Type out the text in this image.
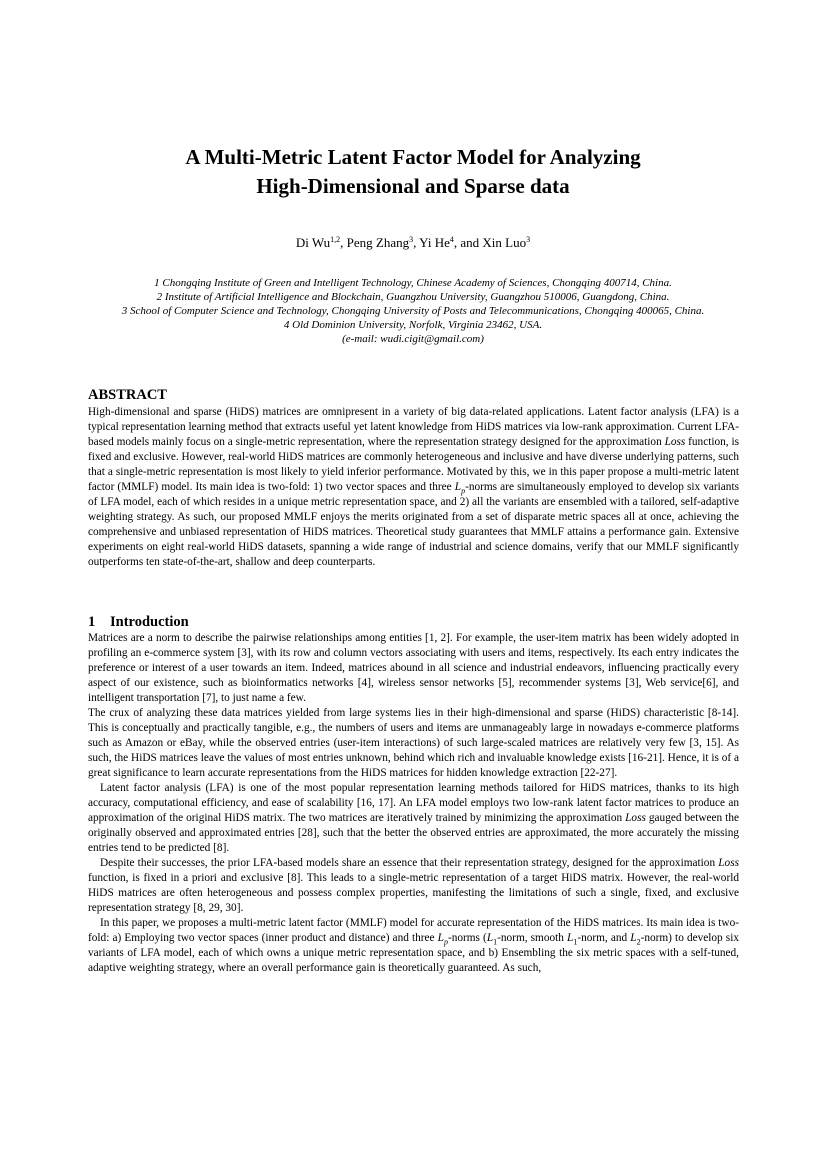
A Multi-Metric Latent Factor Model for Analyzing
High-Dimensional and Sparse data
Di Wu$^{1,2}$, Peng Zhang$^3$, Yi He$^4$, and Xin Luo$^3$
1 Chongqing Institute of Green and Intelligent Technology, Chinese Academy of Sciences, Chongqing 400714, China.
2 Institute of Artificial Intelligence and Blockchain, Guangzhou University, Guangzhou 510006, Guangdong, China.
3 School of Computer Science and Technology, Chongqing University of Posts and Telecommunications, Chongqing 400065, China.
4 Old Dominion University, Norfolk, Virginia 23462, USA.
(e-mail: wudi.cigit@gmail.com)
ABSTRACT

High-dimensional and sparse (HiDS) matrices are omnipresent in a variety of big data-related applications. Latent factor analysis (LFA) is a typical representation learning method that extracts useful yet latent knowledge from HiDS matrices via low-rank approximation. Current LFA-based models mainly focus on a single-metric representation, where the representation strategy designed for the approximation Loss function, is fixed and exclusive. However, real-world HiDS matrices are commonly heterogeneous and inclusive and have diverse underlying patterns, such that a single-metric representation is most likely to yield inferior performance. Motivated by this, we in this paper propose a multi-metric latent factor (MMLF) model. Its main idea is two-fold: 1) two vector spaces and three $L_p$-norms are simultaneously employed to develop six variants of LFA model, each of which resides in a unique metric representation space, and 2) all the variants are ensembled with a tailored, self-adaptive weighting strategy. As such, our proposed MMLF enjoys the merits originated from a set of disparate metric spaces all at once, achieving the comprehensive and unbiased representation of HiDS matrices. Theoretical study guarantees that MMLF attains a performance gain. Extensive experiments on eight real-world HiDS datasets, spanning a wide range of industrial and science domains, verify that our MMLF significantly outperforms ten state-of-the-art, shallow and deep counterparts.

1 Introduction

Matrices are a norm to describe the pairwise relationships among entities [1, 2]. For example, the user-item matrix has been widely adopted in profiling an e-commerce system [3], with its row and column vectors associating with users and items, respectively. Its each entry indicates the preference or interest of a user towards an item. Indeed, matrices abound in all science and industrial endeavors, influencing practically every aspect of our existence, such as bioinformatics networks [4], wireless sensor networks [5], recommender systems [3], Web service[6], and intelligent transportation [7], to just name a few.

The crux of analyzing these data matrices yielded from large systems lies in their high-dimensional and sparse (HiDS) characteristic [8-14]. This is conceptually and practically tangible, e.g., the numbers of users and items are unmanageably large in nowadays e-commerce platforms such as Amazon or eBay, while the observed entries (user-item interactions) of such large-scaled matrices are relatively very few [3, 15]. As such, the HiDS matrices leave the values of most entries unknown, behind which rich and invaluable knowledge exists [16-21]. Hence, it is of a great significance to learn accurate representations from the HiDS matrices for hidden knowledge extraction [22-27].

Latent factor analysis (LFA) is one of the most popular representation learning methods tailored for HiDS matrices, thanks to its high accuracy, computational efficiency, and ease of scalability [16, 17]. An LFA model employs two low-rank latent factor matrices to produce an approximation of the original HiDS matrix. The two matrices are iteratively trained by minimizing the approximation Loss gauged between the originally observed and approximated entries [28], such that the better the observed entries are approximated, the more accurately the missing entries tend to be predicted [8].

Despite their successes, the prior LFA-based models share an essence that their representation strategy, designed for the approximation Loss function, is fixed in a priori and exclusive [8]. This leads to a single-metric representation of a target HiDS matrix. However, the real-world HiDS matrices are often heterogeneous and possess complex properties, manifesting the limitations of such a single, fixed, and exclusive representation strategy [8, 29, 30].

In this paper, we proposes a multi-metric latent factor (MMLF) model for accurate representation of the HiDS matrices. Its main idea is two-fold: a) Employing two vector spaces (inner product and distance) and three $L_p$-norms ($L_1$-norm, smooth $L_1$-norm, and $L_2-norm$) to develop six variants of LFA model, each of which owns a unique metric representation space, and b) Ensembling the six metric spaces with a self-tuned, adaptive weighting strategy, where an overall performance gain is theoretically guaranteed. As such,
